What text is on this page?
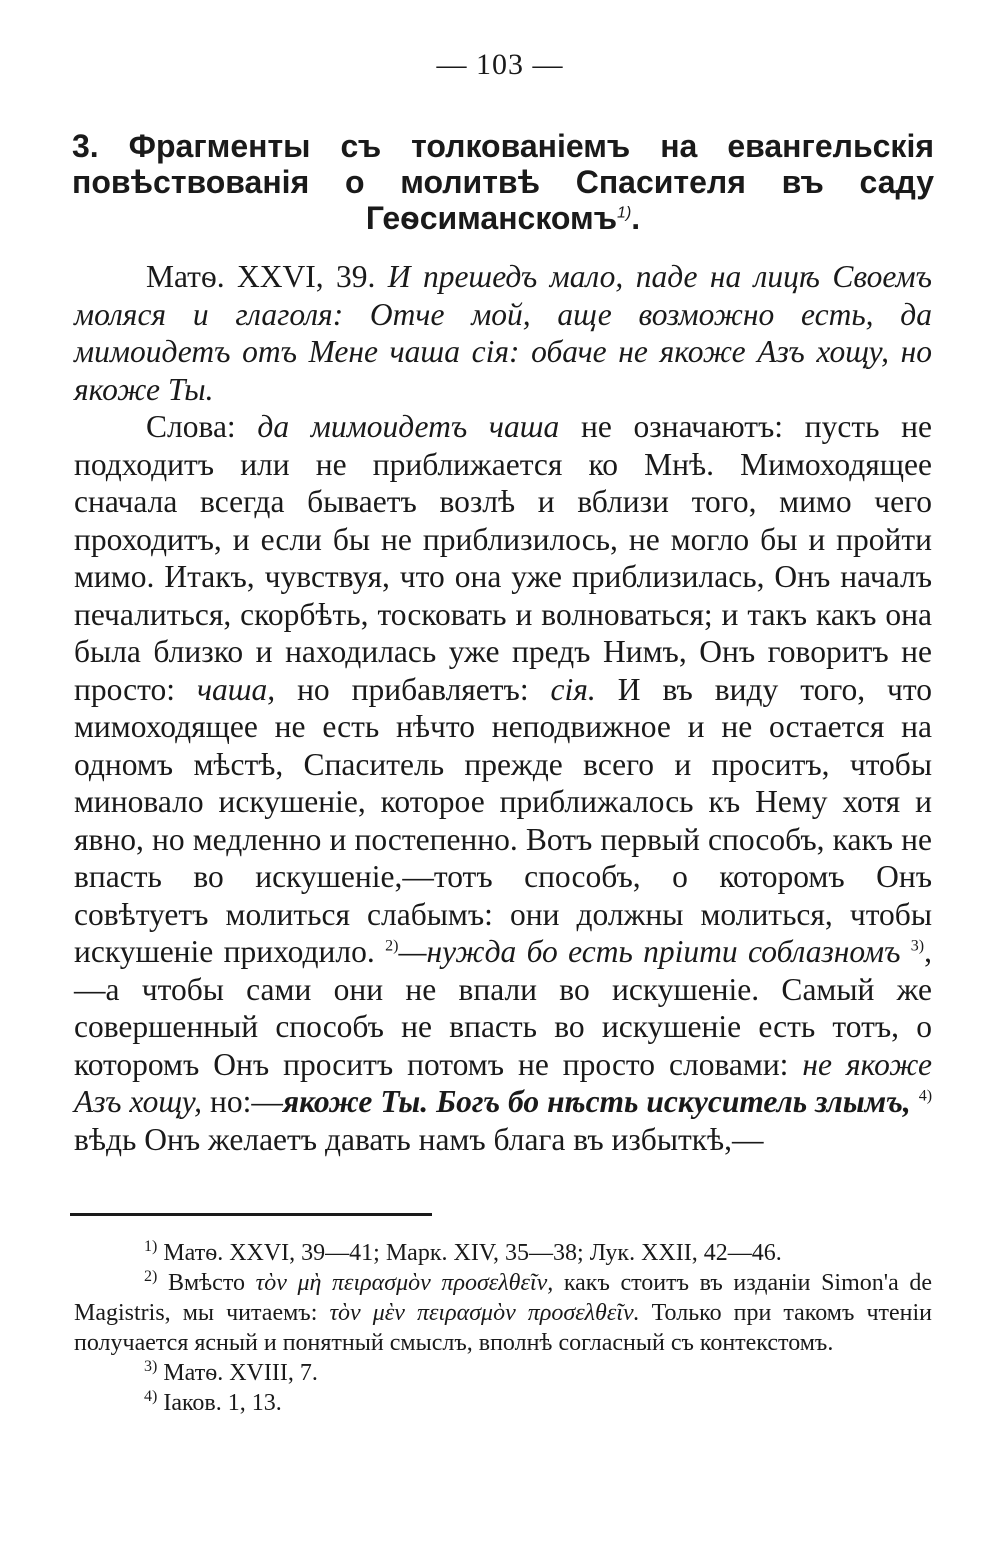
— 103 —
3. Фрагменты съ толкованіемъ на евангельскія повѣствованія о молитвѣ Спасителя въ саду Геѳсиманскомъ$^{1)}$.

Матѳ. XXVI, 39. И прешедъ мало, паде на лицѣ Своемъ моляся и глаголя: Отче мой, аще возможно есть, да мимоидетъ отъ Мене чаша сія: обаче не якоже Азъ хощу, но якоже Ты.

Слова: да мимоидетъ чаша не означаютъ: пусть не подходитъ или не приближается ко Мнѣ. Мимоходящее сначала всегда бываетъ возлѣ и вблизи того, мимо чего проходитъ, и если бы не приблизилось, не могло бы и пройти мимо. Итакъ, чувствуя, что она уже приблизилась, Онъ началъ печалиться, скорбѣть, тосковать и волноваться; и такъ какъ она была близко и находилась уже предъ Нимъ, Онъ говоритъ не просто: чаша, но прибавляетъ: сія. И въ виду того, что мимоходящее не есть нѣчто неподвижное и не остается на одномъ мѣстѣ, Спаситель прежде всего и проситъ, чтобы миновало искушеніе, которое приближалось къ Нему хотя и явно, но медленно и постепенно. Вотъ первый способъ, какъ не впасть во искушеніе,—тотъ способъ, о которомъ Онъ совѣтуетъ молиться слабымъ: они должны молиться, чтобы искушеніе приходило. $^{2)}$—нужда бо есть пріити соблазномъ $^{3)}$,—а чтобы сами они не впали во искушеніе. Самый же совершенный способъ не впасть во искушеніе есть тотъ, о которомъ Онъ проситъ потомъ не просто словами: не якоже Азъ хощу, но:—якоже Ты. Богъ бо нѣсть искуситель злымъ, $^{4)}$ вѣдь Онъ желаетъ давать намъ блага въ избыткѣ,—

$^{1)}$ Матѳ. XXVI, 39—41; Марк. XIV, 35—38; Лук. XXII, 42—46.

$^{2)}$ Вмѣсто τὸν μὴ πειρασμὸν προσελθεῖν, какъ стоитъ въ изданіи Simon'а de Magistris, мы читаемъ: τὸν μὲν πειρασμὸν προσελθεῖν. Только при такомъ чтеніи получается ясный и понятный смыслъ, вполнѣ согласный съ контекстомъ.

$^{3)}$ Матѳ. XVIII, 7.

$^{4)}$ Iаков. 1, 13.
